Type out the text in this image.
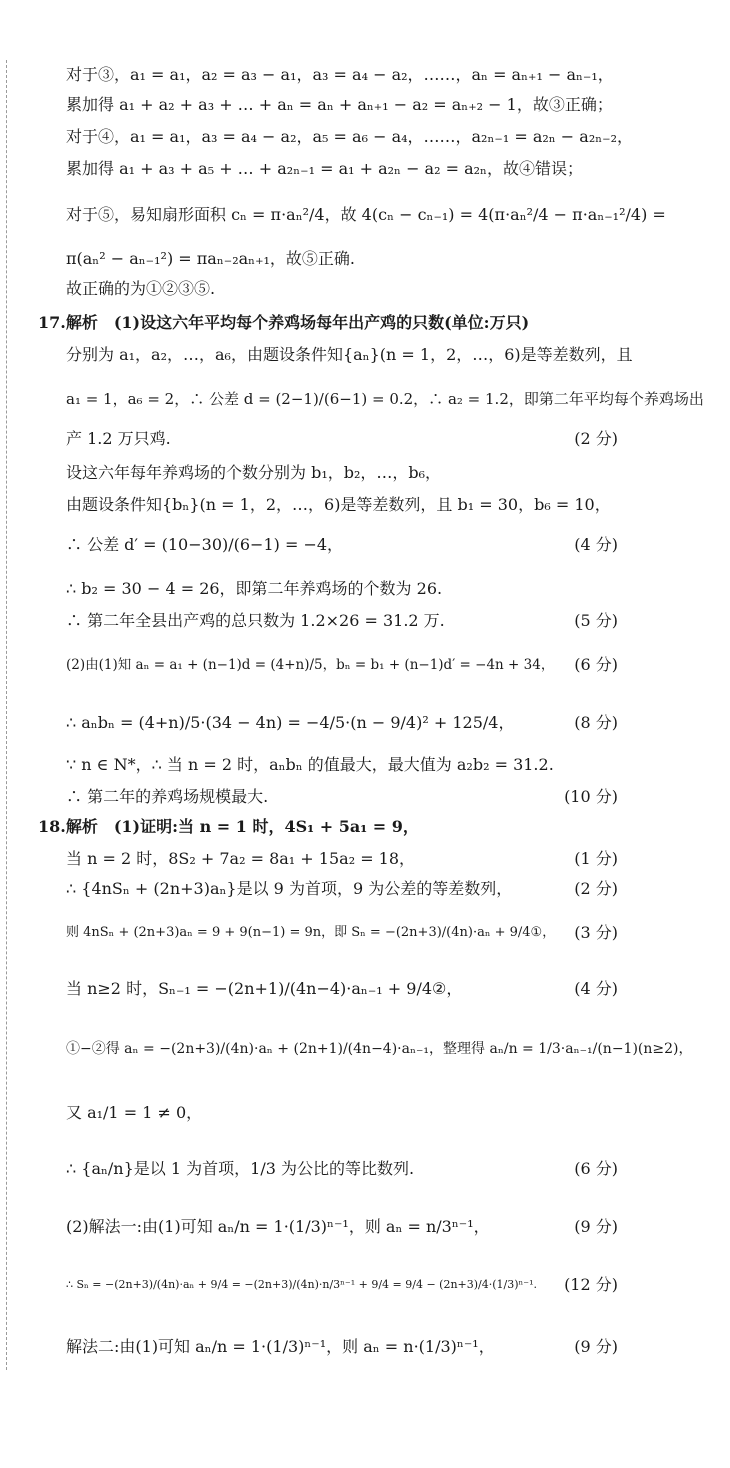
对于③，a₁ = a₁，a₂ = a₃ − a₁，a₃ = a₄ − a₂，……，aₙ = aₙ₊₁ − aₙ₋₁，
累加得 a₁ + a₂ + a₃ + … + aₙ = aₙ + aₙ₊₁ − a₂ = aₙ₊₂ − 1，故③正确；
对于④，a₁ = a₁，a₃ = a₄ − a₂，a₅ = a₆ − a₄，……，a₂ₙ₋₁ = a₂ₙ − a₂ₙ₋₂，
累加得 a₁ + a₃ + a₅ + … + a₂ₙ₋₁ = a₁ + a₂ₙ − a₂ = a₂ₙ，故④错误；
对于⑤，易知扇形面积 cₙ = π·aₙ²/4，故 4(cₙ − cₙ₋₁) = 4(π·aₙ²/4 − π·aₙ₋₁²/4) =
π(aₙ² − aₙ₋₁²) = πaₙ₋₂aₙ₊₁，故⑤正确.
故正确的为①②③⑤.
17.解析　(1)设这六年平均每个养鸡场每年出产鸡的只数(单位:万只)
分别为 a₁，a₂，…，a₆，由题设条件知{aₙ}(n = 1，2，…，6)是等差数列，且
a₁ = 1，a₆ = 2，∴ 公差 d = (2−1)/(6−1) = 0.2，∴ a₂ = 1.2，即第二年平均每个养鸡场出
产 1.2 万只鸡.	(2 分)
设这六年每年养鸡场的个数分别为 b₁，b₂，…，b₆，
由题设条件知{bₙ}(n = 1，2，…，6)是等差数列，且 b₁ = 30，b₆ = 10，
∴ 公差 d′ = (10−30)/(6−1) = −4，	(4 分)
∴ b₂ = 30 − 4 = 26，即第二年养鸡场的个数为 26.
∴ 第二年全县出产鸡的总只数为 1.2×26 = 31.2 万.	(5 分)
(2)由(1)知 aₙ = a₁ + (n−1)d = (4+n)/5，bₙ = b₁ + (n−1)d′ = −4n + 34， (6 分)
∴ aₙbₙ = (4+n)/5·(34 − 4n) = −4/5·(n − 9/4)² + 125/4，	(8 分)
∵ n ∈ N*，∴ 当 n = 2 时，aₙbₙ 的值最大，最大值为 a₂b₂ = 31.2.
∴ 第二年的养鸡场规模最大.	(10 分)
18.解析　(1)证明:当 n = 1 时，4S₁ + 5a₁ = 9，
当 n = 2 时，8S₂ + 7a₂ = 8a₁ + 15a₂ = 18，	(1 分)
∴ {4nSₙ + (2n+3)aₙ}是以 9 为首项，9 为公差的等差数列，	(2 分)
则 4nSₙ + (2n+3)aₙ = 9 + 9(n−1) = 9n，即 Sₙ = −(2n+3)/(4n)·aₙ + 9/4①， (3 分)
当 n≥2 时，Sₙ₋₁ = −(2n+1)/(4n−4)·aₙ₋₁ + 9/4②，	(4 分)
①−②得 aₙ = −(2n+3)/(4n)·aₙ + (2n+1)/(4n−4)·aₙ₋₁，整理得 aₙ/n = 1/3·aₙ₋₁/(n−1)(n≥2)，
又 a₁/1 = 1 ≠ 0，
∴ {aₙ/n}是以 1 为首项，1/3 为公比的等比数列.	(6 分)
(2)解法一:由(1)可知 aₙ/n = 1·(1/3)ⁿ⁻¹，则 aₙ = n/3ⁿ⁻¹，	(9 分)
∴ Sₙ = −(2n+3)/(4n)·aₙ + 9/4 = −(2n+3)/(4n)·n/3ⁿ⁻¹ + 9/4 = 9/4 − (2n+3)/4·(1/3)ⁿ⁻¹. (12 分)
解法二:由(1)可知 aₙ/n = 1·(1/3)ⁿ⁻¹，则 aₙ = n·(1/3)ⁿ⁻¹，	(9 分)
